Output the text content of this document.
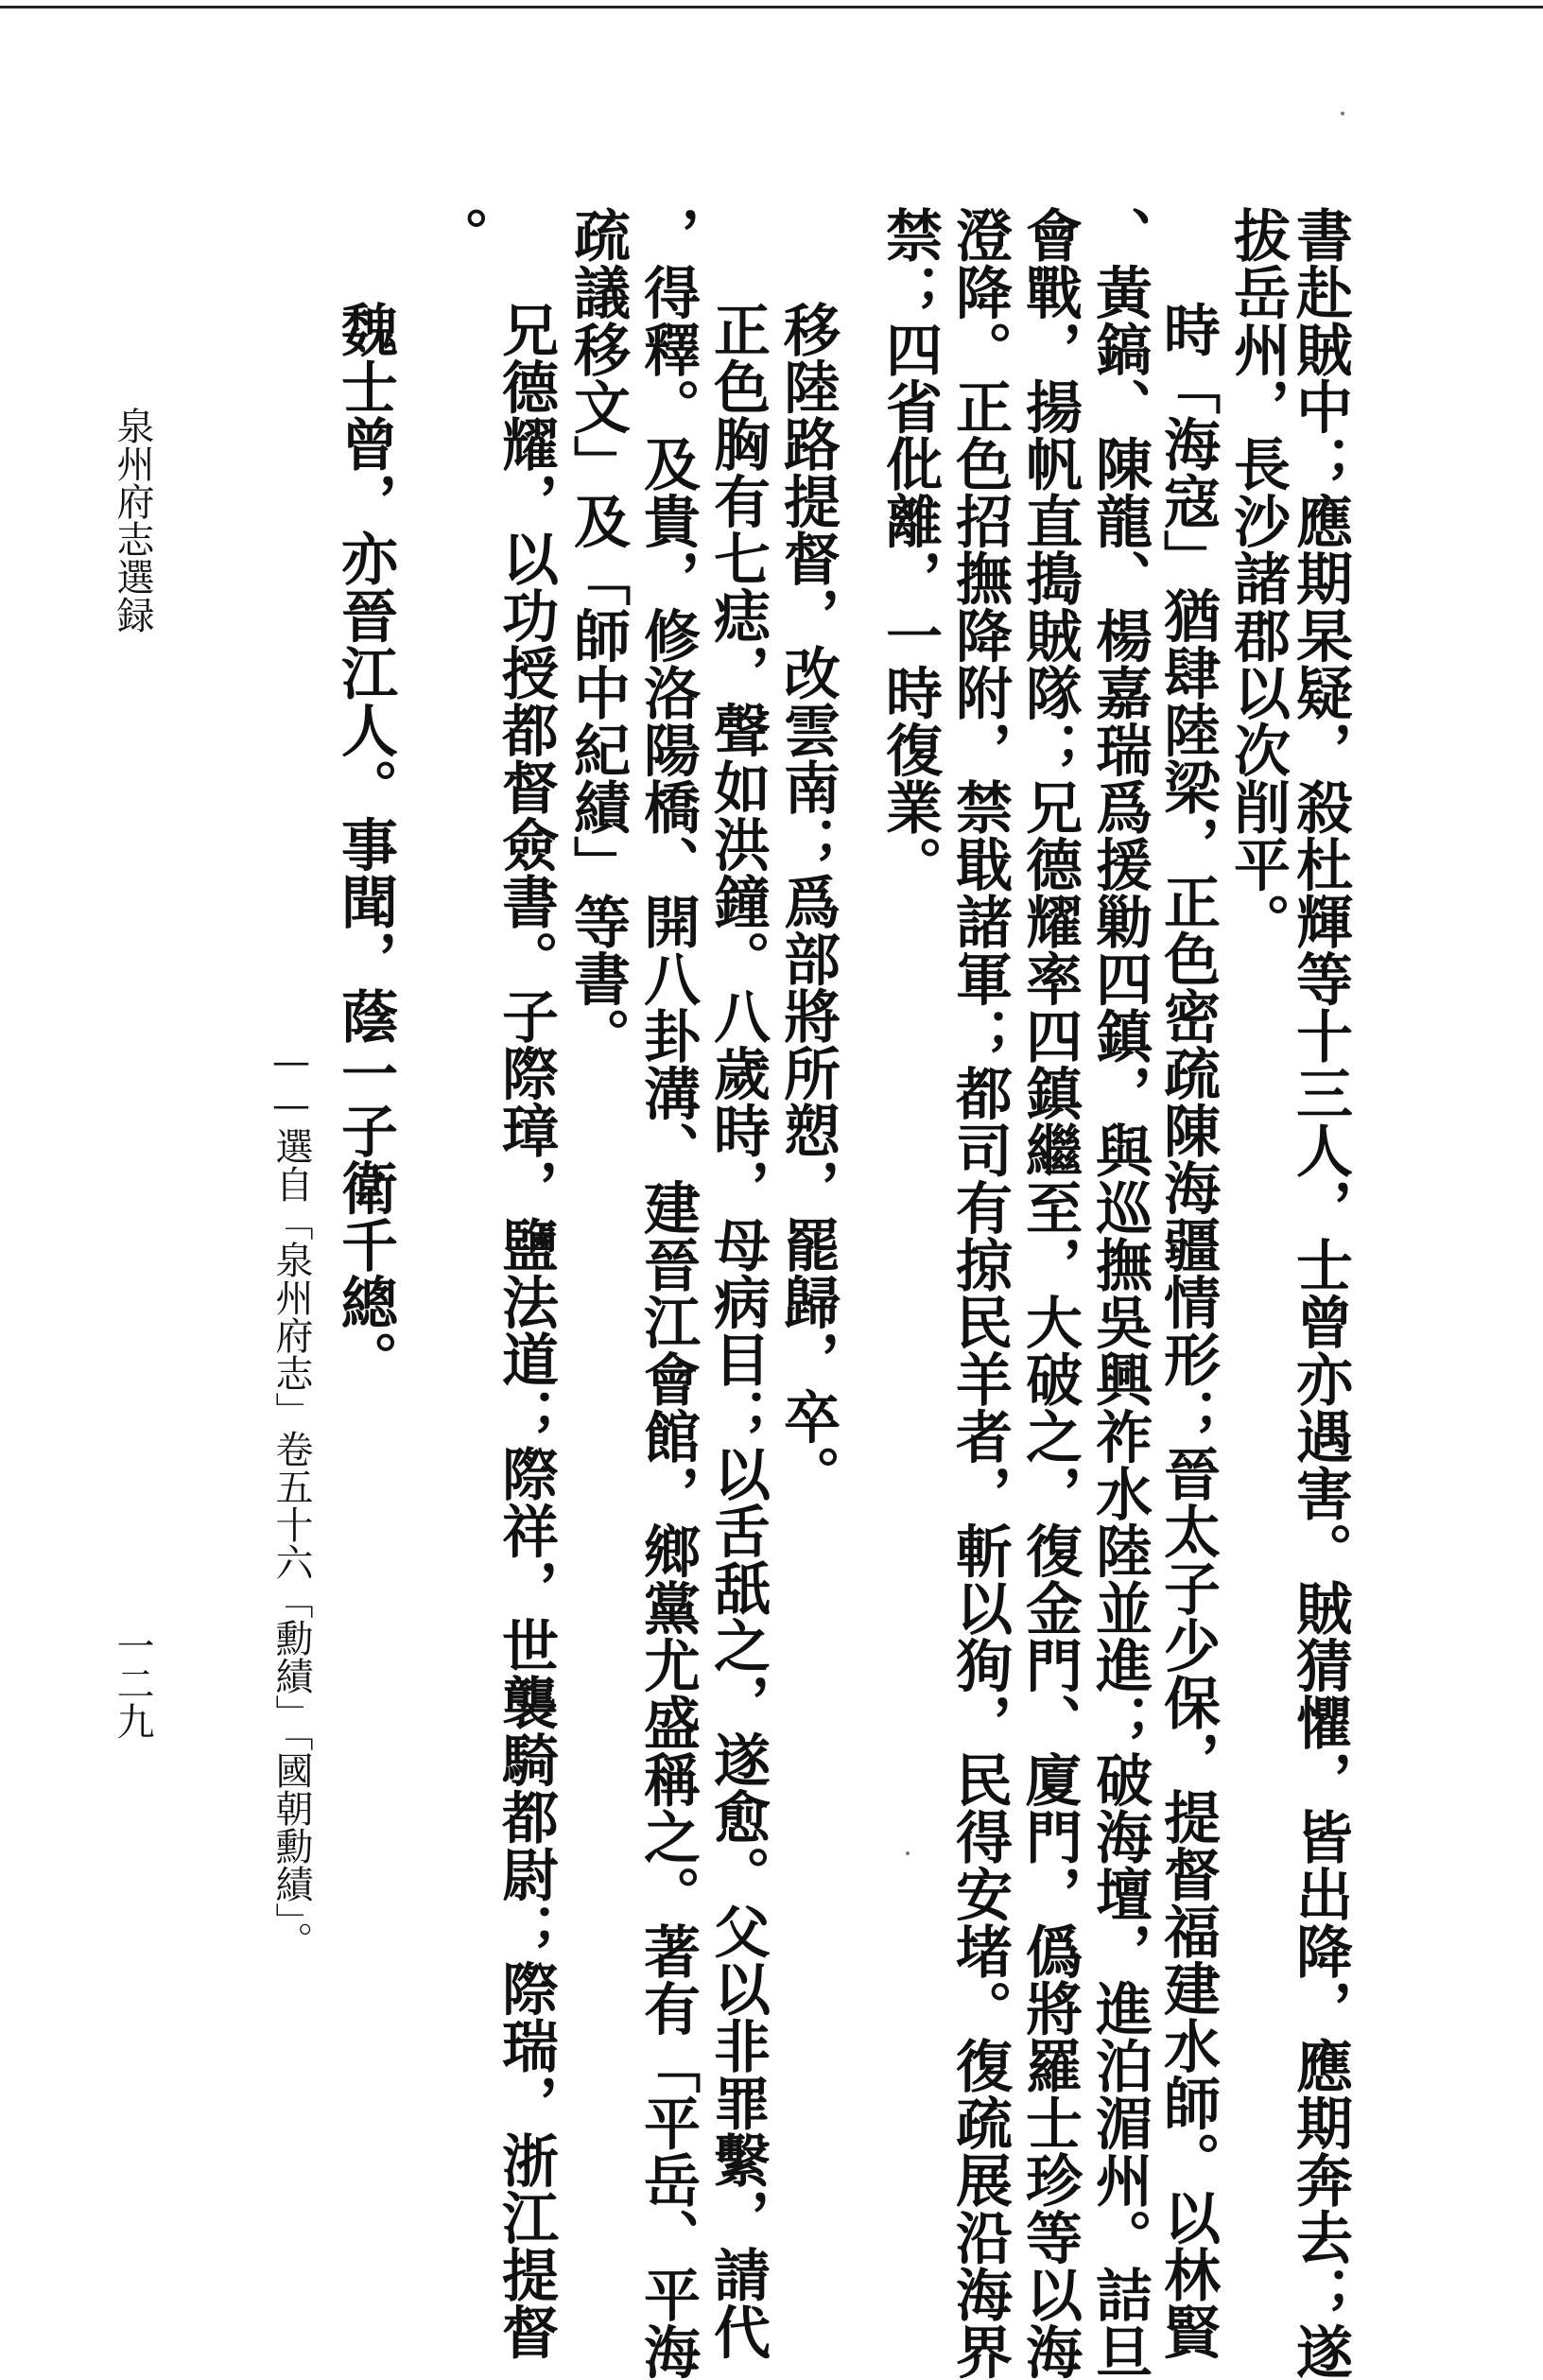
書赴賊中；應期杲疑，殺杜輝等十三人，士曾亦遇害。賊猜懼，皆出降，應期奔去；遂

拔岳州，長沙諸郡以次削平。

時「海寇」猶肆陸梁，正色密疏陳海疆情形；晉太子少保，提督福建水師。以林賢

、黃鎬、陳龍、楊嘉瑞爲援勦四鎮，與巡撫吳興祚水陸並進；破海壇，進泊湄州。詰旦

會戰，揚帆直搗賊隊；兄德耀率四鎮繼至，大破之，復金門、廈門，僞將羅士珍等以海

澄降。正色招撫降附，禁戢諸軍；都司有掠民羊者，斬以狥，民得安堵。復疏展沿海界

禁；四省仳離，一時復業。

移陸路提督，改雲南；爲部將所愬，罷歸，卒。

正色胸有七痣，聲如洪鐘。八歲時，母病目；以舌舐之，遂愈。父以非罪繫，請代

，得釋。及貴，修洛陽橋、開八卦溝、建晉江會館，鄉黨尤盛稱之。著有「平岳、平海

疏議移文」及「師中紀績」等書。

兄德耀，以功授都督僉書。子際璋，鹽法道；際祥，世襲騎都尉；際瑞，浙江提督

。

魏士曾，亦晉江人。事聞，蔭一子衛千總。

——選自「泉州府志」卷五十六「勳績」「國朝勳績」。

泉州府志選録

一二九
